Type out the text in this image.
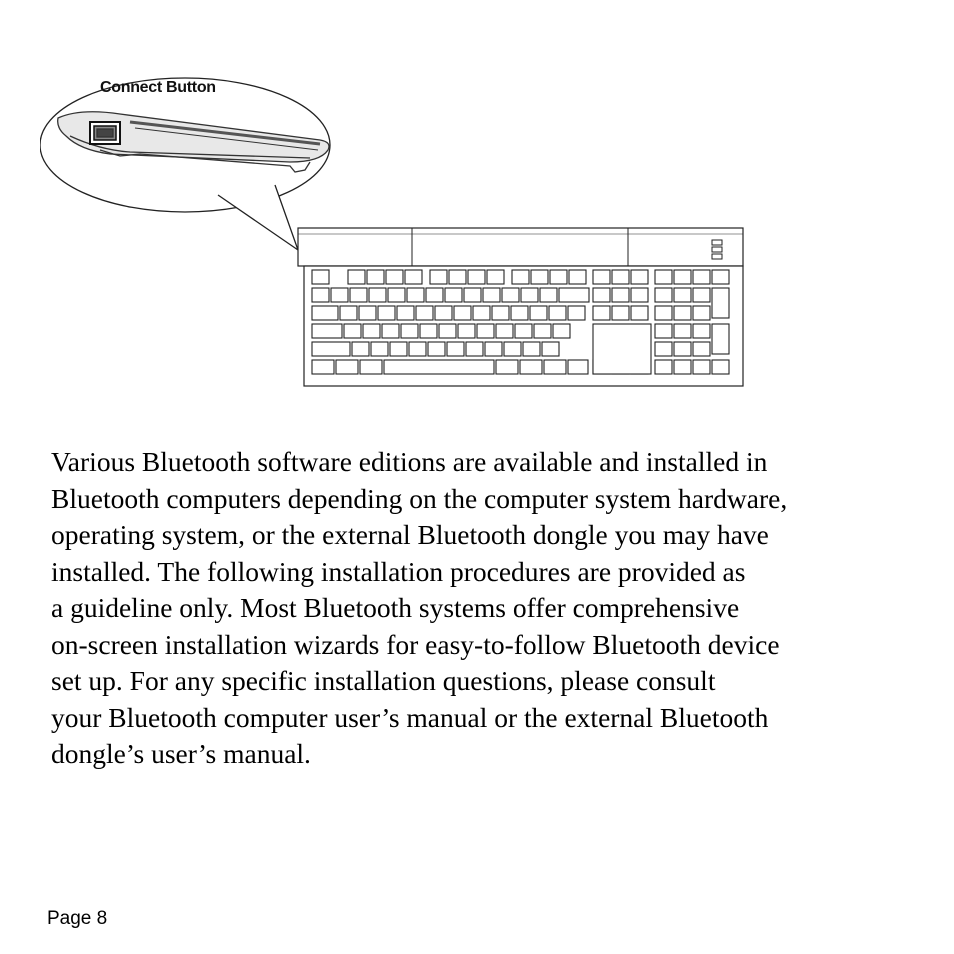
Connect Button
Various Bluetooth software editions are available and installed in
Bluetooth computers depending on the computer system hardware,
operating system, or the external Bluetooth dongle you may have
installed. The following installation procedures are provided as
a guideline only. Most Bluetooth systems offer comprehensive
on-screen installation wizards for easy-to-follow Bluetooth device
set up. For any specific installation questions, please consult
your Bluetooth computer user’s manual or the external Bluetooth
dongle’s user’s manual.
Page 8
